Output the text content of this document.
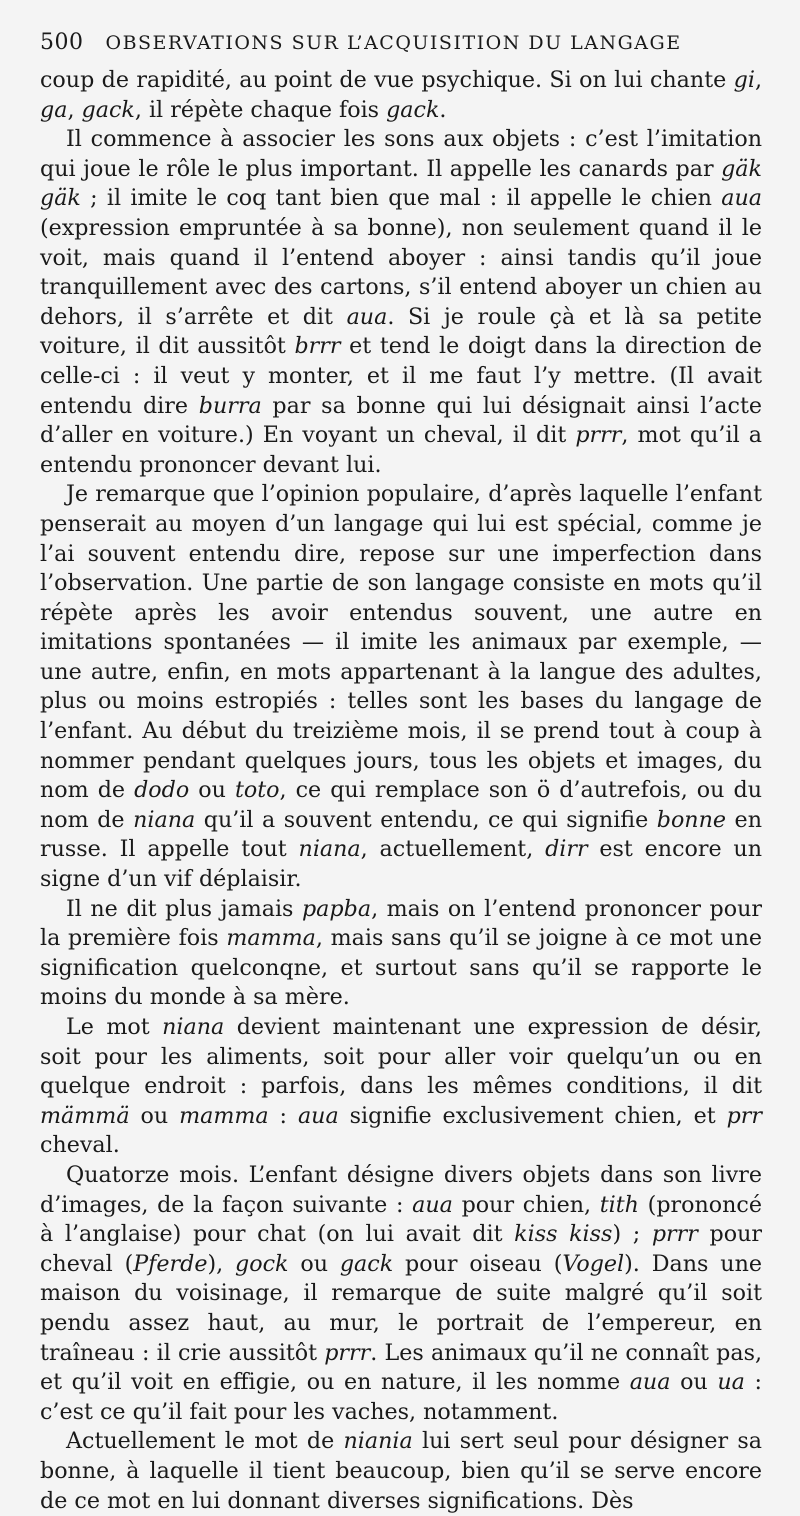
500 OBSERVATIONS SUR L’ACQUISITION DU LANGAGE

coup de rapidité, au point de vue psychique. Si on lui chante gi, ga, gack, il répète chaque fois gack.

Il commence à associer les sons aux objets : c’est l’imitation qui joue le rôle le plus important. Il appelle les canards par gäk gäk ; il imite le coq tant bien que mal : il appelle le chien aua (expression empruntée à sa bonne), non seulement quand il le voit, mais quand il l’entend aboyer : ainsi tandis qu’il joue tranquillement avec des cartons, s’il entend aboyer un chien au dehors, il s’arrête et dit aua. Si je roule çà et là sa petite voiture, il dit aussitôt brrr et tend le doigt dans la direction de celle-ci : il veut y monter, et il me faut l’y mettre. (Il avait entendu dire burra par sa bonne qui lui désignait ainsi l’acte d’aller en voiture.) En voyant un cheval, il dit prrr, mot qu’il a entendu prononcer devant lui.

Je remarque que l’opinion populaire, d’après laquelle l’enfant penserait au moyen d’un langage qui lui est spécial, comme je l’ai souvent entendu dire, repose sur une imperfection dans l’observation. Une partie de son langage consiste en mots qu’il répète après les avoir entendus souvent, une autre en imitations spontanées — il imite les animaux par exemple, — une autre, enfin, en mots appartenant à la langue des adultes, plus ou moins estropiés : telles sont les bases du langage de l’enfant. Au début du treizième mois, il se prend tout à coup à nommer pendant quelques jours, tous les objets et images, du nom de dodo ou toto, ce qui remplace son ö d’autrefois, ou du nom de niana qu’il a souvent entendu, ce qui signifie bonne en russe. Il appelle tout niana, actuellement, dirr est encore un signe d’un vif déplaisir.

Il ne dit plus jamais papba, mais on l’entend prononcer pour la première fois mamma, mais sans qu’il se joigne à ce mot une signification quelconqne, et surtout sans qu’il se rapporte le moins du monde à sa mère.

Le mot niana devient maintenant une expression de désir, soit pour les aliments, soit pour aller voir quelqu’un ou en quelque endroit : parfois, dans les mêmes conditions, il dit mämmä ou mamma : aua signifie exclusivement chien, et prr cheval.

Quatorze mois. L’enfant désigne divers objets dans son livre d’images, de la façon suivante : aua pour chien, tith (prononcé à l’anglaise) pour chat (on lui avait dit kiss kiss) ; prrr pour cheval (Pferde), gock ou gack pour oiseau (Vogel). Dans une maison du voisinage, il remarque de suite malgré qu’il soit pendu assez haut, au mur, le portrait de l’empereur, en traîneau : il crie aussitôt prrr. Les animaux qu’il ne connaît pas, et qu’il voit en effigie, ou en nature, il les nomme aua ou ua : c’est ce qu’il fait pour les vaches, notamment.

Actuellement le mot de niania lui sert seul pour désigner sa bonne, à laquelle il tient beaucoup, bien qu’il se serve encore de ce mot en lui donnant diverses significations. Dès
